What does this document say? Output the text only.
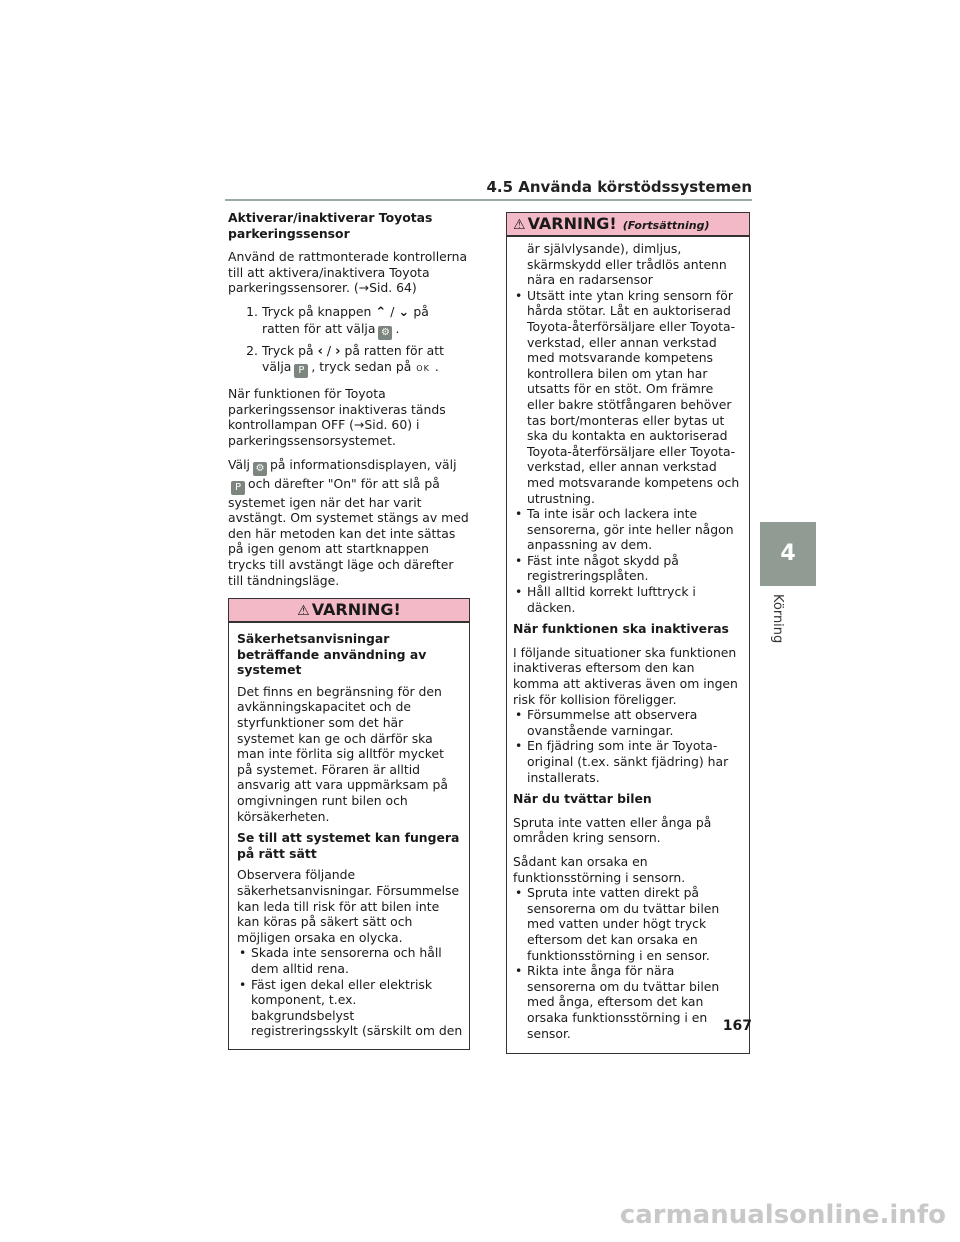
4.5 Använda körstödssystemen

Aktiverar/inaktiverar Toyotas parkeringssensor

Använd de rattmonterade kontrollerna till att aktivera/inaktivera Toyota parkeringssensorer. (→Sid. 64)

1. Tryck på knappen ⌃ / ⌄ på ratten för att välja ⚙ .
2. Tryck på ‹ / › på ratten för att välja P , tryck sedan på OK .

När funktionen för Toyota parkeringssensor inaktiveras tänds kontrollampan OFF (→Sid. 60) i parkeringssensorsystemet.

Välj ⚙ på informationsdisplayen, välj
P och därefter "On" för att slå på systemet igen när det har varit avstängt. Om systemet stängs av med den här metoden kan det inte sättas på igen genom att startknappen trycks till avstängt läge och därefter till tändningsläge.

⚠ VARNING!

Säkerhetsanvisningar beträffande användning av systemet

Det finns en begränsning för den avkänningskapacitet och de styrfunktioner som det här systemet kan ge och därför ska man inte förlita sig alltför mycket på systemet. Föraren är alltid ansvarig att vara uppmärksam på omgivningen runt bilen och körsäkerheten.

Se till att systemet kan fungera på rätt sätt

Observera följande säkerhetsanvisningar. Försummelse kan leda till risk för att bilen inte kan köras på säkert sätt och möjligen orsaka en olycka.

• Skada inte sensorerna och håll dem alltid rena.
• Fäst igen dekal eller elektrisk komponent, t.ex. bakgrundsbelyst registreringsskylt (särskilt om den
⚠ VARNING! (Fortsättning)

är självlysande), dimljus, skärmskydd eller trådlös antenn nära en radarsensor

• Utsätt inte ytan kring sensorn för hårda stötar. Låt en auktoriserad Toyota-återförsäljare eller Toyota-verkstad, eller annan verkstad med motsvarande kompetens kontrollera bilen om ytan har utsatts för en stöt. Om främre eller bakre stötfångaren behöver tas bort/monteras eller bytas ut ska du kontakta en auktoriserad Toyota-återförsäljare eller Toyota-verkstad, eller annan verkstad med motsvarande kompetens och utrustning.
• Ta inte isär och lackera inte sensorerna, gör inte heller någon anpassning av dem.
• Fäst inte något skydd på registreringsplåten.
• Håll alltid korrekt lufttryck i däcken.

När funktionen ska inaktiveras

I följande situationer ska funktionen inaktiveras eftersom den kan komma att aktiveras även om ingen risk för kollision föreligger.

• Försummelse att observera ovanstående varningar.
• En fjädring som inte är Toyota-original (t.ex. sänkt fjädring) har installerats.

När du tvättar bilen

Spruta inte vatten eller ånga på områden kring sensorn.

Sådant kan orsaka en funktionsstörning i sensorn.

• Spruta inte vatten direkt på sensorerna om du tvättar bilen med vatten under högt tryck eftersom det kan orsaka en funktionsstörning i en sensor.
• Rikta inte ånga för nära sensorerna om du tvättar bilen med ånga, eftersom det kan orsaka funktionsstörning i en sensor.
4
Körning
167
carmanualsonline.info
